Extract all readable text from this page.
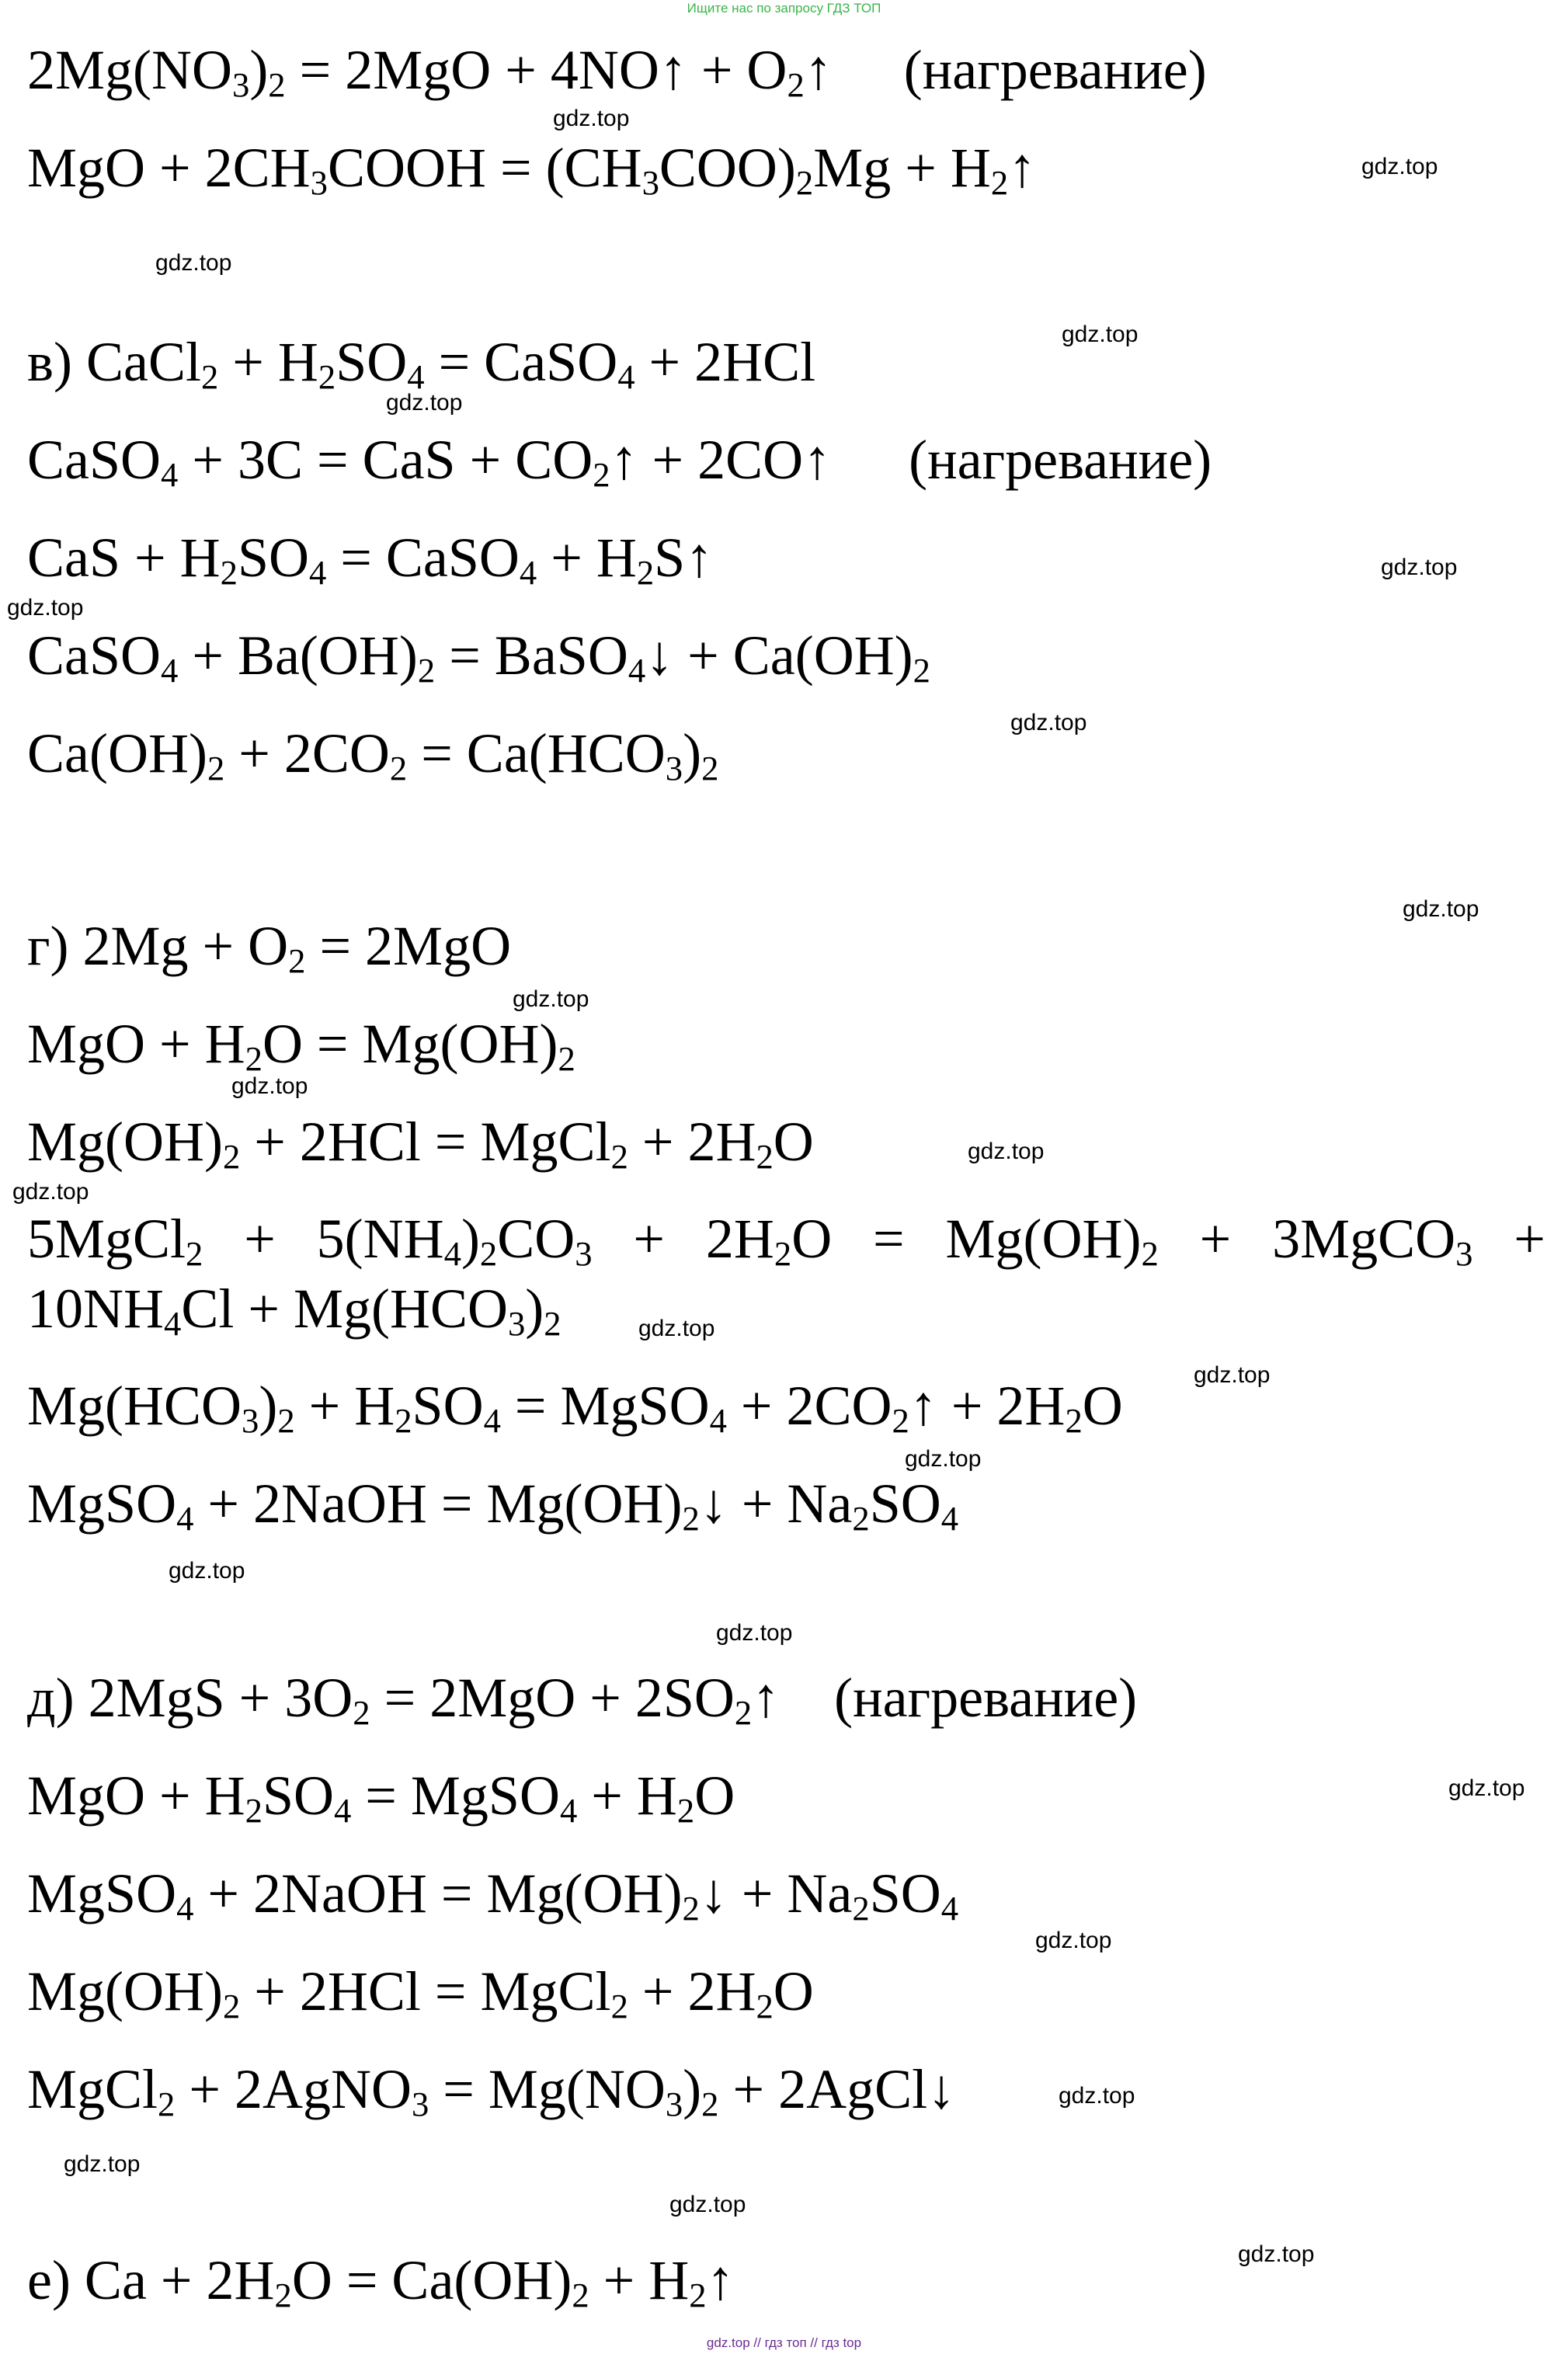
Ищите нас по запросу ГДЗ ТОП
$2Mg(NO_3)_2 = 2MgO$ + 4NO↑ + $O_2↑$ (нагревание)
MgO + $2CH_3COOH = (CH_3COO)_2Mg$ + $H_2↑$
в) CaCl$_2$ + $H_2SO_4$ = CaSO$_4$ + 2HCl
CaSO$_4$ + 3C = CaS + $CO_2↑$ + 2CO↑ (нагревание)
CaS + $H_2SO_4$ = CaSO$_4$ + $H_2S↑$
CaSO$_4$ + $Ba(OH)_2$ = BaSO$_4$↓ + $Ca(OH)_2$
$Ca(OH)_2 + 2CO_2 = Ca(HCO_3)_2$
г) $2Mg + O_2 = 2MgO$
MgO + $H_2O = Mg(OH)_2$
$Mg(OH)_2 + 2HCl$ = MgCl$_2$ + $2H_2O$
5MgCl$_2$ + $5(NH_4)_2CO_3 + 2H_2O = Mg(OH)_2$ + 3MgCO$_3$ +
$10NH_4Cl + Mg(HCO_3)_2$
$Mg(HCO_3)_2 + H_2SO_4$ = MgSO$_4$ + $2CO_2↑ + 2H_2O$
MgSO$_4$ + 2NaOH = $Mg(OH)_2↓ + Na_2SO_4$
д) $2MgS + 3O_2 = 2MgO$ + $2SO_2↑$ (нагревание)
MgO + $H_2SO_4$ = MgSO$_4$ + $H_2O$
MgSO$_4$ + 2NaOH = $Mg(OH)_2↓ + Na_2SO_4$
$Mg(OH)_2 + 2HCl$ = MgCl$_2$ + $2H_2O$
MgCl$_2$ + 2AgNO$_3$ = $Mg(NO_3)_2$ + 2AgCl↓
е) $Ca + 2H_2O = Ca(OH)_2$ + $H_2↑$
gdz.top
gdz.top
gdz.top
gdz.top
gdz.top
gdz.top
gdz.top
gdz.top
gdz.top
gdz.top
gdz.top
gdz.top
gdz.top
gdz.top
gdz.top
gdz.top
gdz.top
gdz.top
gdz.top
gdz.top
gdz.top
gdz.top
gdz.top
gdz.top
gdz.top // гдз топ // гдз top
